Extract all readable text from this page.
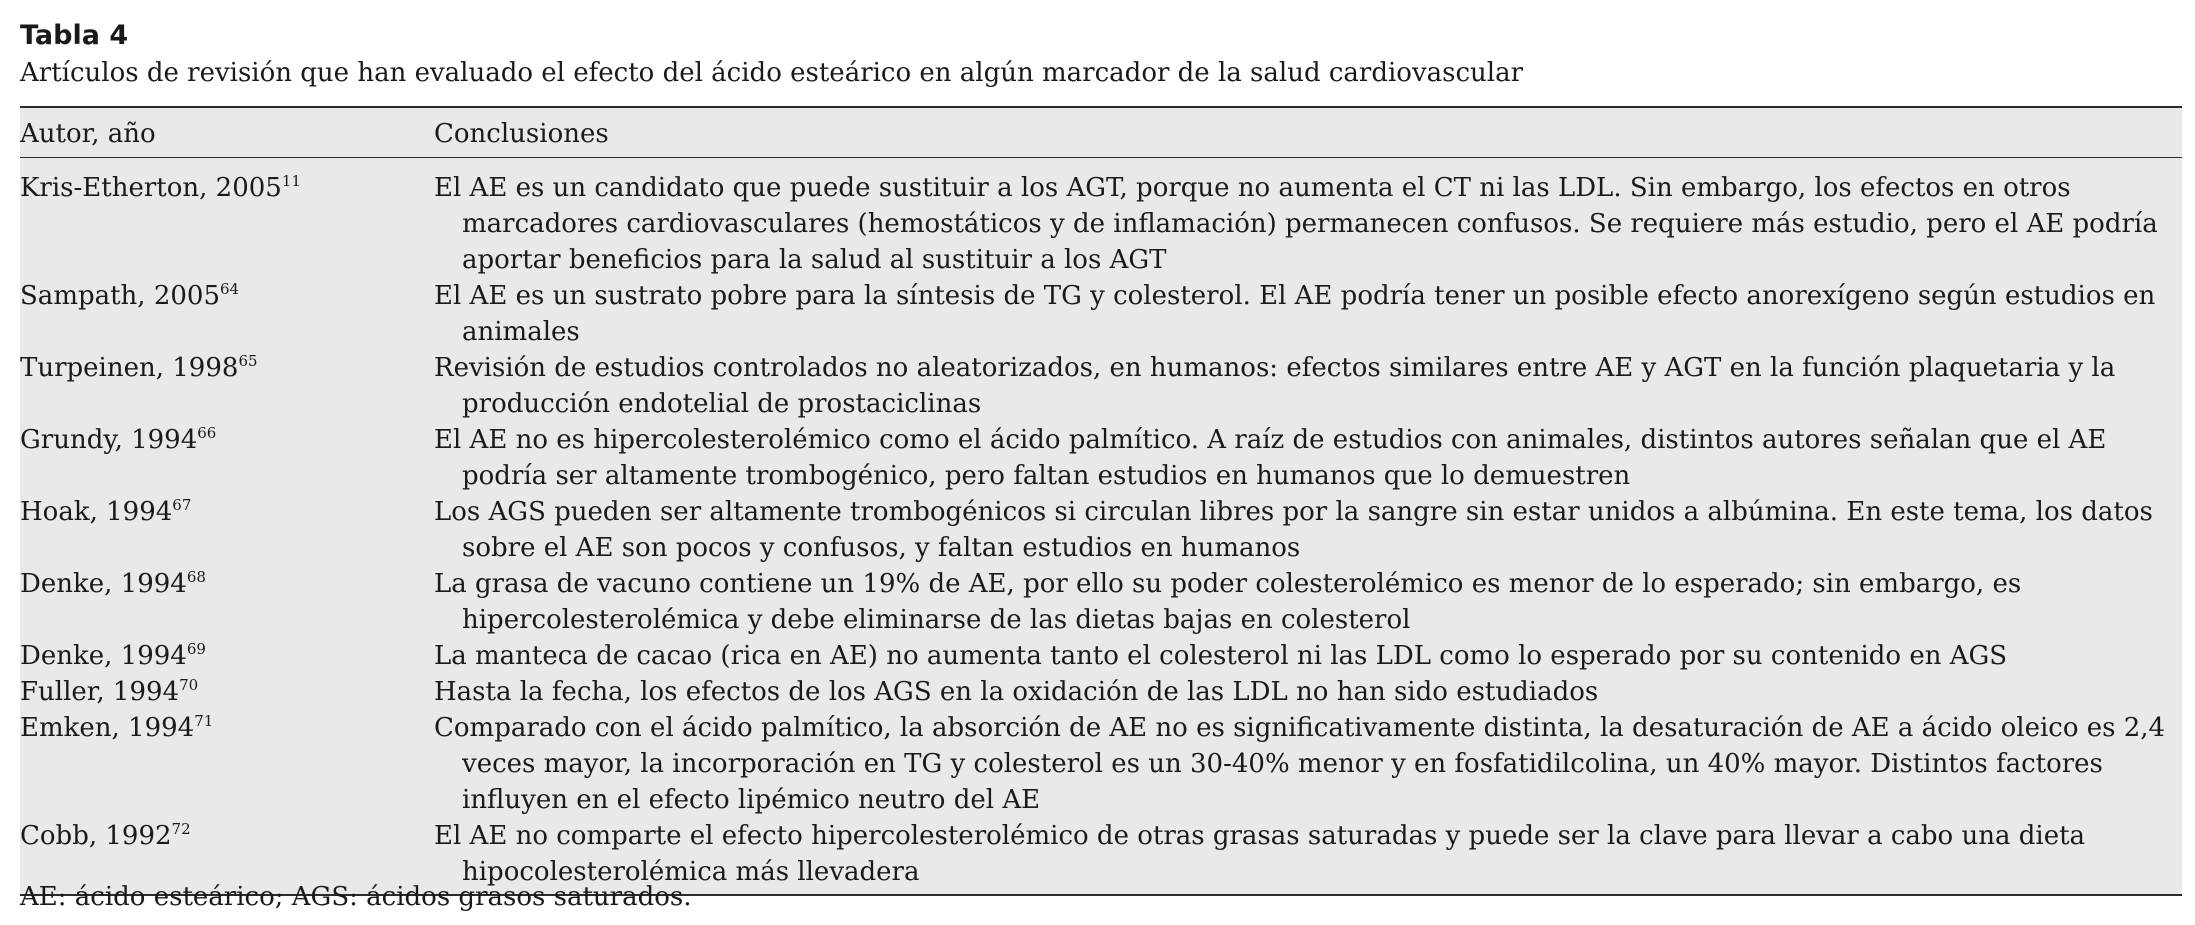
Tabla 4
Artículos de revisión que han evaluado el efecto del ácido esteárico en algún marcador de la salud cardiovascular
Autor, año	Conclusiones
Kris-Etherton, 2005$^{11}$	El AE es un candidato que puede sustituir a los AGT, porque no aumenta el CT ni las LDL. Sin embargo, los efectos en otros marcadores cardiovasculares (hemostáticos y de inflamación) permanecen confusos. Se requiere más estudio, pero el AE podría aportar beneficios para la salud al sustituir a los AGT
Sampath, 2005$^{64}$	El AE es un sustrato pobre para la síntesis de TG y colesterol. El AE podría tener un posible efecto anorexígeno según estudios en animales
Turpeinen, 1998$^{65}$	Revisión de estudios controlados no aleatorizados, en humanos: efectos similares entre AE y AGT en la función plaquetaria y la producción endotelial de prostaciclinas
Grundy, 1994$^{66}$	El AE no es hipercolesterolémico como el ácido palmítico. A raíz de estudios con animales, distintos autores señalan que el AE podría ser altamente trombogénico, pero faltan estudios en humanos que lo demuestren
Hoak, 1994$^{67}$	Los AGS pueden ser altamente trombogénicos si circulan libres por la sangre sin estar unidos a albúmina. En este tema, los datos sobre el AE son pocos y confusos, y faltan estudios en humanos
Denke, 1994$^{68}$	La grasa de vacuno contiene un 19% de AE, por ello su poder colesterolémico es menor de lo esperado; sin embargo, es hipercolesterolémica y debe eliminarse de las dietas bajas en colesterol
Denke, 1994$^{69}$	La manteca de cacao (rica en AE) no aumenta tanto el colesterol ni las LDL como lo esperado por su contenido en AGS
Fuller, 1994$^{70}$	Hasta la fecha, los efectos de los AGS en la oxidación de las LDL no han sido estudiados
Emken, 1994$^{71}$	Comparado con el ácido palmítico, la absorción de AE no es significativamente distinta, la desaturación de AE a ácido oleico es 2,4 veces mayor, la incorporación en TG y colesterol es un 30-40% menor y en fosfatidilcolina, un 40% mayor. Distintos factores influyen en el efecto lipémico neutro del AE
Cobb, 1992$^{72}$	El AE no comparte el efecto hipercolesterolémico de otras grasas saturadas y puede ser la clave para llevar a cabo una dieta hipocolesterolémica más llevadera
AE: ácido esteárico; AGS: ácidos grasos saturados.
